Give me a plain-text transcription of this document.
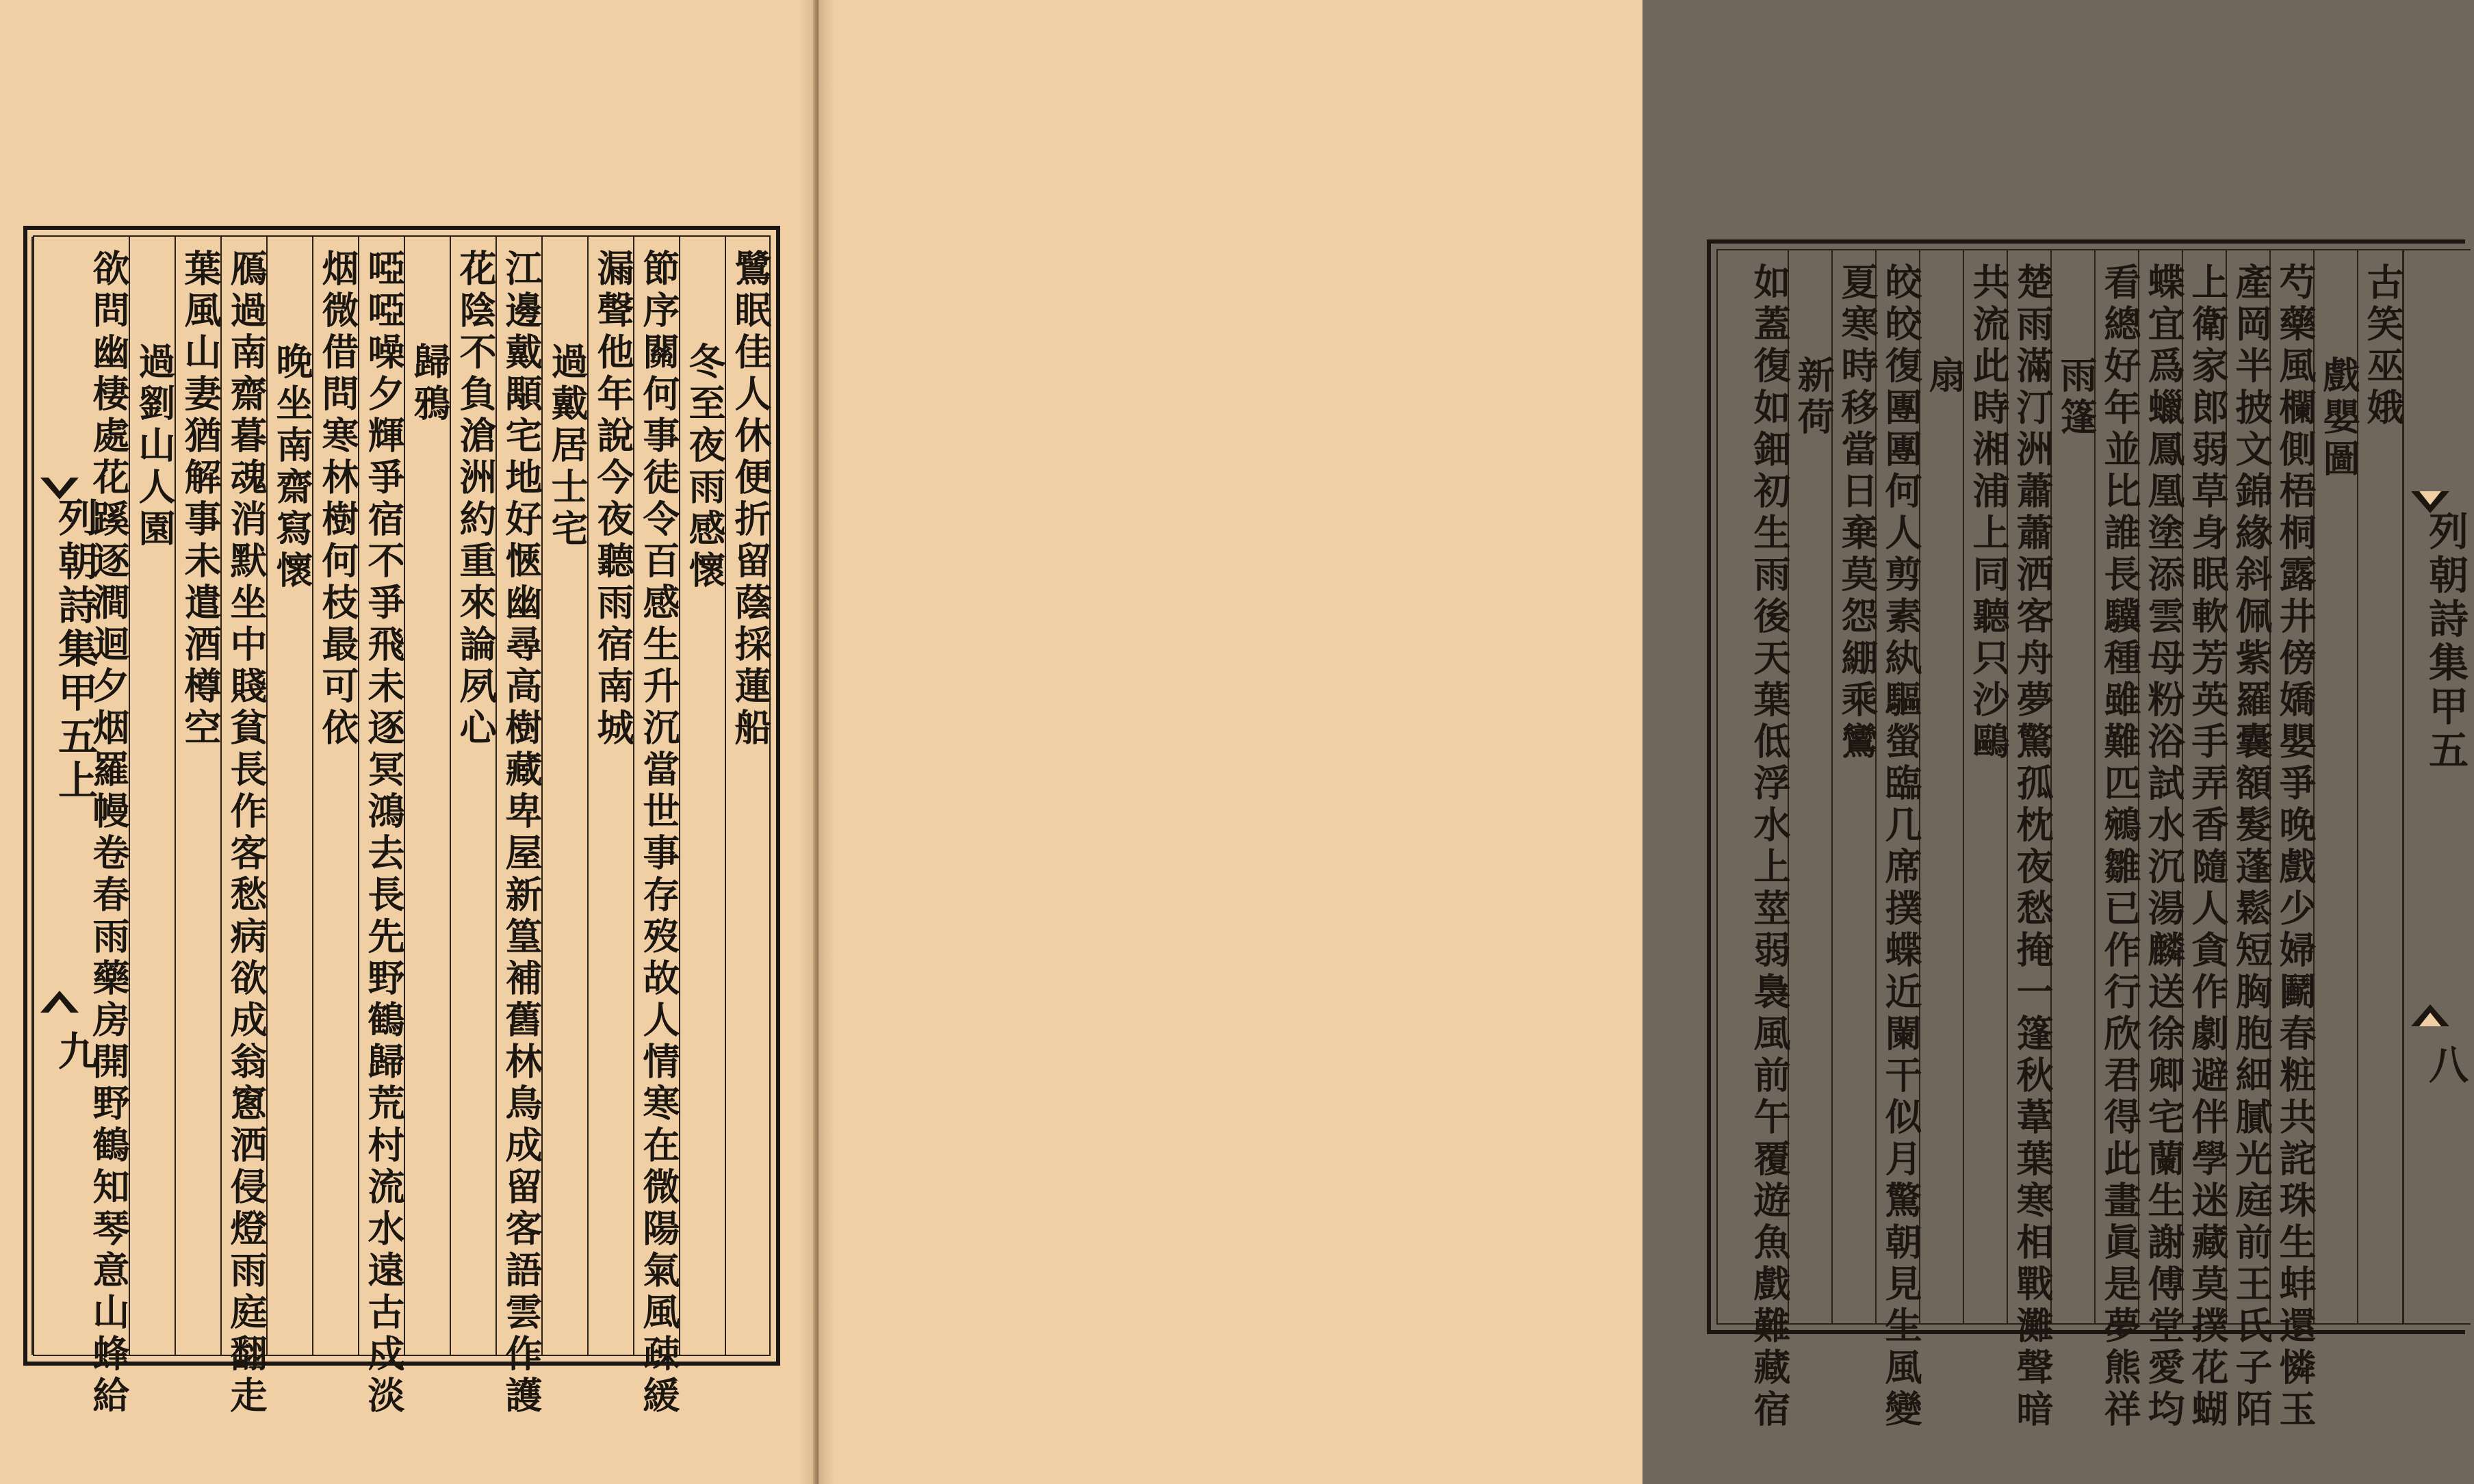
列朝詩集甲五上
九
鷺眠佳人休便折留蔭採蓮船
冬至夜雨感懷
節序關何事徒令百感生升沉當世事存歿故人情寒在微陽氣風疎緩
漏聲他年說今夜聽雨宿南城
過戴居士宅
江邊戴顒宅地好愜幽尋高樹藏卑屋新篁補舊林鳥成留客語雲作護
花陰不負滄洲約重來論夙心
歸鴉
啞啞噪夕輝爭宿不爭飛未逐冥鴻去長先野鶴歸荒村流水遠古戍淡
烟微借問寒林樹何枝最可依
晚坐南齋寫懷
鴈過南齋暮魂消默坐中賤貧長作客愁病欲成翁窻洒侵燈雨庭翻走
葉風山妻猶解事未遣酒樽空
過劉山人園
欲問幽棲處花蹊逐澗迴夕烟羅幔卷春雨藥房開野鶴知琴意山蜂給	列朝詩集甲五
八
古笑巫娥
戲嬰圖
芍藥風欄側梧桐露井傍嬌嬰爭晚戲少婦鬬春粧共詫珠生蚌還憐玉
產岡半披文錦緣斜佩紫羅囊額髮蓬鬆短胸胞細膩光庭前王氏子陌
上衛家郎弱草身眠軟芳英手弄香隨人貪作劇避伴學迷藏莫撲花蝴
蝶宜爲蠟鳳凰塗添雲母粉浴試水沉湯麟送徐卿宅蘭生謝傅堂愛均
看總好年並比誰長驥種雖難匹鵷雛已作行欣君得此畫眞是夢熊祥
雨篷
楚雨滿汀洲蕭蕭洒客舟夢驚孤枕夜愁掩一篷秋葦葉寒相戰灘聲暗
共流此時湘浦上同聽只沙鷗
扇
皎皎復團團何人剪素紈驅螢臨几席撲蝶近闌干似月驚朝見生風變
夏寒時移當日棄莫怨綳乘鸞
新荷
如蓋復如鈿初生雨後天葉低浮水上莖弱裊風前午覆遊魚戲難藏宿
